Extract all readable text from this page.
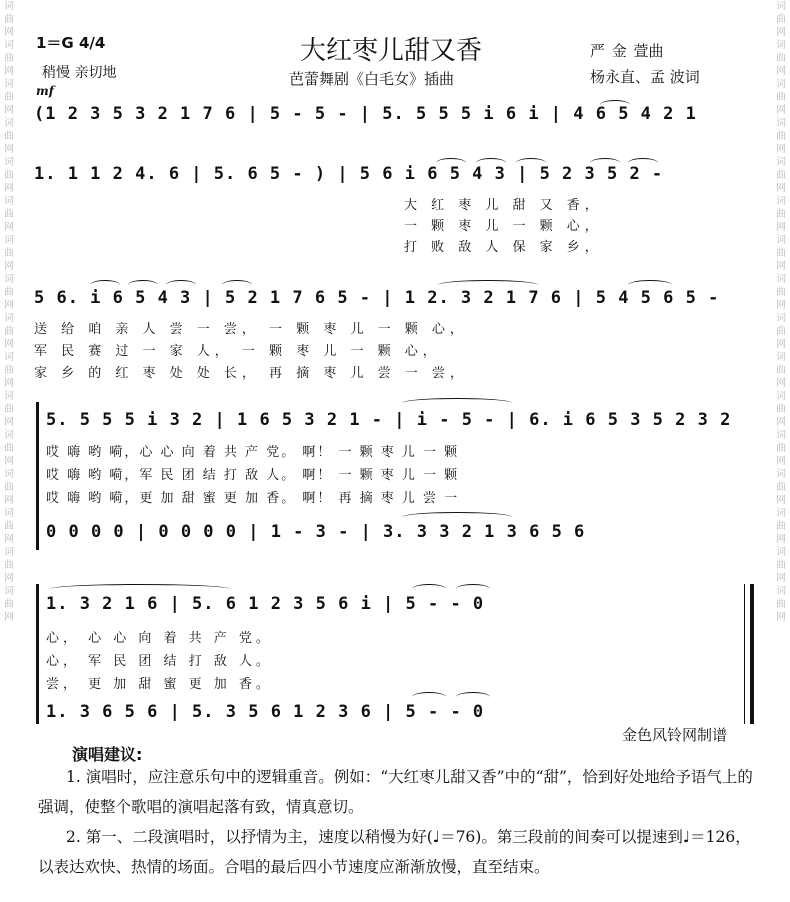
词曲网 词曲网 词曲网 词曲网 词曲网 词曲网 词曲网 词曲网 词曲网 词曲网 词曲网 词曲网 词曲网 词曲网 词曲网 词曲网
词曲网 词曲网 词曲网 词曲网 词曲网 词曲网 词曲网 词曲网 词曲网 词曲网 词曲网 词曲网 词曲网 词曲网 词曲网 词曲网
1＝G 4/4
稍慢 亲切地
mf
大红枣儿甜又香
芭蕾舞剧《白毛女》插曲
严 金 萱曲
杨永直、孟 波词
(1 2 3 5 3 2 1 7 6 | 5 - 5 - | 5. 5 5 5 i 6 i | 4 6 5 4 2 1
1. 1 1 2 4. 6 | 5. 6 5 - ) | 5 6 i 6 5 4 3 | 5 2 3 5 2 -
大 红 枣 儿 甜 又 香，
一 颗 枣 儿 一 颗 心，
打 败 敌 人 保 家 乡，
5 6. i 6 5 4 3 | 5 2 1 7 6 5 - | 1 2. 3 2 1 7 6 | 5 4 5 6 5 -
送 给 咱 亲 人 尝 一 尝， 一 颗 枣 儿 一 颗 心，
军 民 赛 过 一 家 人， 一 颗 枣 儿 一 颗 心，
家 乡 的 红 枣 处 处 长， 再 摘 枣 儿 尝 一 尝，
5. 5 5 5 i 3 2 | 1 6 5 3 2 1 - | i - 5 - | 6. i 6 5 3 5 2 3 2
哎 嗨 哟 嗬，心 心 向 着 共 产 党。 啊！ 一 颗 枣 儿 一 颗
哎 嗨 哟 嗬，军 民 团 结 打 敌 人。 啊！ 一 颗 枣 儿 一 颗
哎 嗨 哟 嗬，更 加 甜 蜜 更 加 香。 啊！ 再 摘 枣 儿 尝 一
0 0 0 0 | 0 0 0 0 | 1 - 3 - | 3. 3 3 2 1 3 6 5 6
1. 3 2 1 6 | 5. 6 1 2 3 5 6 i | 5 - - 0
心， 心 心 向 着 共 产 党。
心， 军 民 团 结 打 敌 人。
尝， 更 加 甜 蜜 更 加 香。
1. 3 6 5 6 | 5. 3 5 6 1 2 3 6 | 5 - - 0
金色风铃网制谱
演唱建议:
1. 演唱时，应注意乐句中的逻辑重音。例如：“大红枣儿甜又香”中的“甜”，恰到好处地给予语气上的强调，使整个歌唱的演唱起落有致，情真意切。
2. 第一、二段演唱时，以抒情为主，速度以稍慢为好(♩＝76)。第三段前的间奏可以提速到♩＝126，以表达欢快、热情的场面。合唱的最后四小节速度应渐渐放慢，直至结束。
